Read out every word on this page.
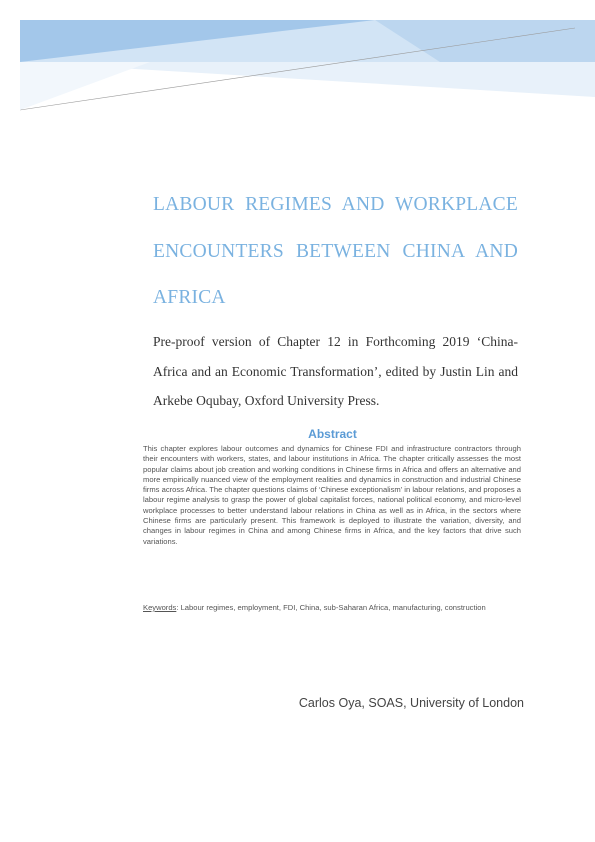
LABOUR REGIMES AND WORKPLACE ENCOUNTERS BETWEEN CHINA AND AFRICA

Pre-proof version of Chapter 12 in Forthcoming 2019 ‘China-Africa and an Economic Transformation’, edited by Justin Lin and Arkebe Oqubay, Oxford University Press.

Abstract

This chapter explores labour outcomes and dynamics for Chinese FDI and infrastructure contractors through their encounters with workers, states, and labour institutions in Africa. The chapter critically assesses the most popular claims about job creation and working conditions in Chinese firms in Africa and offers an alternative and more empirically nuanced view of the employment realities and dynamics in construction and industrial Chinese firms across Africa. The chapter questions claims of ‘Chinese exceptionalism’ in labour relations, and proposes a labour regime analysis to grasp the power of global capitalist forces, national political economy, and micro-level workplace processes to better understand labour relations in China as well as in Africa, in the sectors where Chinese firms are particularly present. This framework is deployed to illustrate the variation, diversity, and changes in labour regimes in China and among Chinese firms in Africa, and the key factors that drive such variations.

Keywords: Labour regimes, employment, FDI, China, sub-Saharan Africa, manufacturing, construction

Carlos Oya, SOAS, University of London
